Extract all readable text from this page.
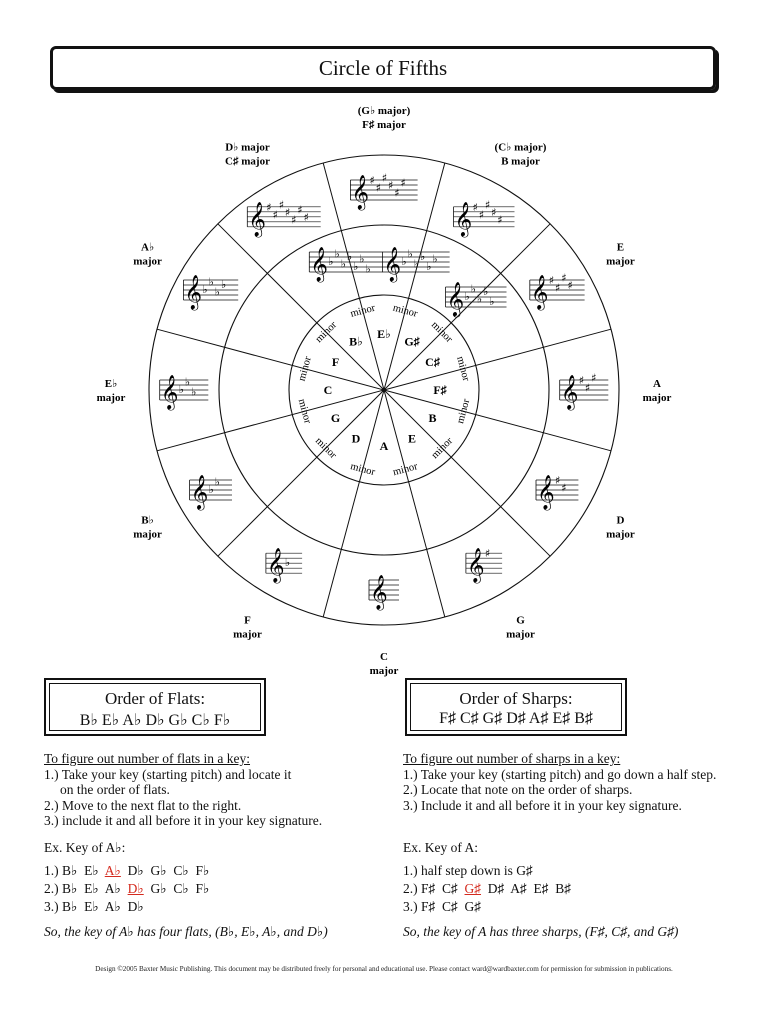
Circle of Fifths
𝄞
𝄞 ♯
𝄞 ♯
♯
𝄞 ♯
♯
♯
𝄞 ♯
♯
♯
♯
𝄞 ♯
♯
♯
♯
♯
𝄞 ♯
♯
♯
♯
♯
♯
𝄞 ♯
♯
♯
♯
♯
♯
♯
𝄞 ♭
♭
♭
♭
𝄞 ♭
♭
♭
𝄞 ♭
♭
𝄞 ♭
𝄞 ♭
♭
♭
♭
♭
♭
♭ 𝄞 ♭
♭
♭
♭
♭
♭
𝄞 ♭
♭
♭
♭
♭
A
minor
E minor
B minor
F♯
minor
C♯
minor
G♯
minor
E♭
minor
B♭
minor
F
minor
C
minor G
minor D
minor
C
major
G
major
D
major
A
major
E
major
(C♭ major)
B major
(G♭ major)
F♯ major
D♭ major
C♯ major
A♭
major
E♭
major
B♭
major
F
major
Order of Flats:
B♭ E♭ A♭ D♭ G♭ C♭ F♭
Order of Sharps:
F♯ C♯ G♯ D♯ A♯ E♯ B♯
To figure out number of flats in a key:
1.) Take your key (starting pitch) and locate it
on the order of flats.
2.) Move to the next flat to the right.
3.) include it and all before it in your key signature.
To figure out number of sharps in a key:
1.) Take your key (starting pitch) and go down a half step.
2.) Locate that note on the order of sharps.
3.) Include it and all before it in your key signature.
Ex. Key of A♭:
1.) B♭  E♭  A♭  D♭  G♭  C♭  F♭
2.) B♭  E♭  A♭  D♭  G♭  C♭  F♭
3.) B♭  E♭  A♭  D♭
So, the key of A♭ has four flats, (B♭, E♭, A♭, and D♭)
Ex. Key of A:
1.) half step down is G♯
2.) F♯  C♯  G♯  D♯  A♯  E♯  B♯
3.) F♯  C♯  G♯
So, the key of A has three sharps, (F♯, C♯, and G♯)
Design ©2005 Baxter Music Publishing. This document may be distributed freely for personal and educational use. Please contact ward@wardbaxter.com for permission for submission in publications.
